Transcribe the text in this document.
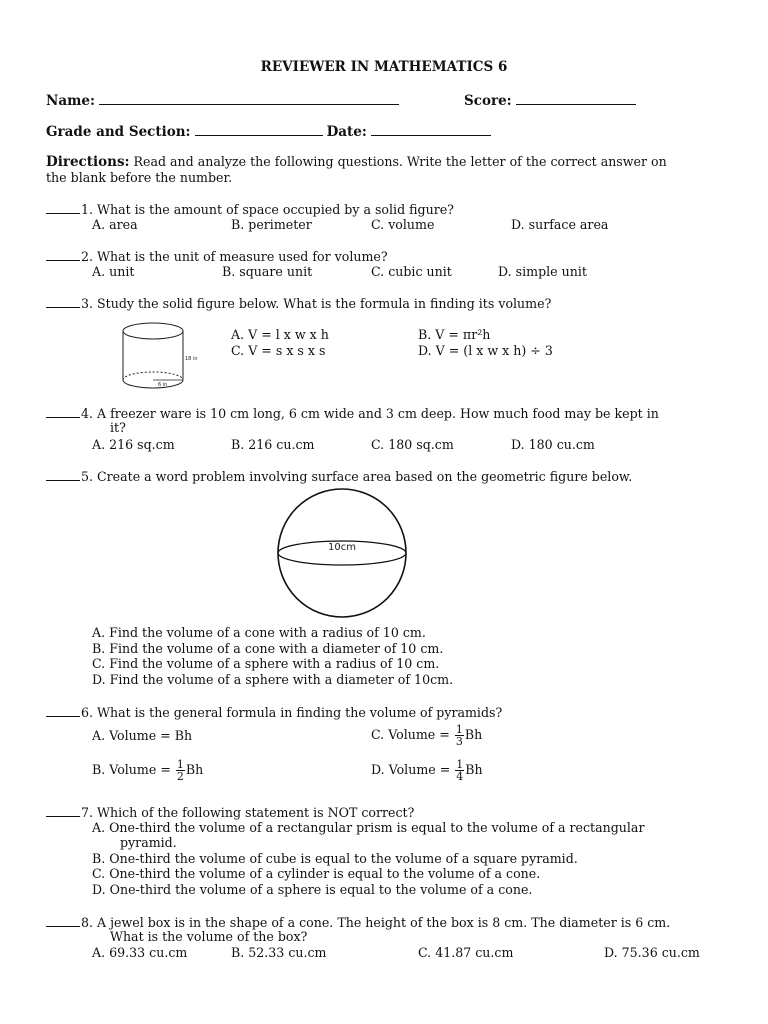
REVIEWER IN MATHEMATICS 6
Name:	Score:
Grade and Section:	Date:
Directions: Read and analyze the following questions. Write the letter of the correct answer on
the blank before the number.
1. What is the amount of space occupied by a solid figure?
A. area	B. perimeter	C. volume	D. surface area
2. What is the unit of measure used for volume?
A. unit	B. square unit	C. cubic unit	D. simple unit
3. Study the solid figure below. What is the formula in finding its volume?
18 in
6 in
A. V = l x w x h	B. V = πr²h
C. V = s x s x s	D. V = (l x w x h) ÷ 3
4. A freezer ware is 10 cm long, 6 cm wide and 3 cm deep. How much food may be kept in
it?
A. 216 sq.cm	B. 216 cu.cm	C. 180 sq.cm	D. 180 cu.cm
5. Create a word problem involving surface area based on the geometric figure below.
10cm
A. Find the volume of a cone with a radius of 10 cm.
B. Find the volume of a cone with a diameter of 10 cm.
C. Find the volume of a sphere with a radius of 10 cm.
D. Find the volume of a sphere with a diameter of 10cm.
6. What is the general formula in finding the volume of pyramids?
A. Volume = Bh	C. Volume = $\frac{1}{3}$ Bh
B. Volume = $\frac{1}{2}$ Bh	D. Volume = $\frac{1}{4}$ Bh
7. Which of the following statement is NOT correct?
A. One-third the volume of a rectangular prism is equal to the volume of a rectangular
pyramid.
B. One-third the volume of cube is equal to the volume of a square pyramid.
C. One-third the volume of a cylinder is equal to the volume of a cone.
D. One-third the volume of a sphere is equal to the volume of a cone.
8. A jewel box is in the shape of a cone. The height of the box is 8 cm. The diameter is 6 cm.
What is the volume of the box?
A. 69.33 cu.cm	B. 52.33 cu.cm	C. 41.87 cu.cm	D. 75.36 cu.cm
